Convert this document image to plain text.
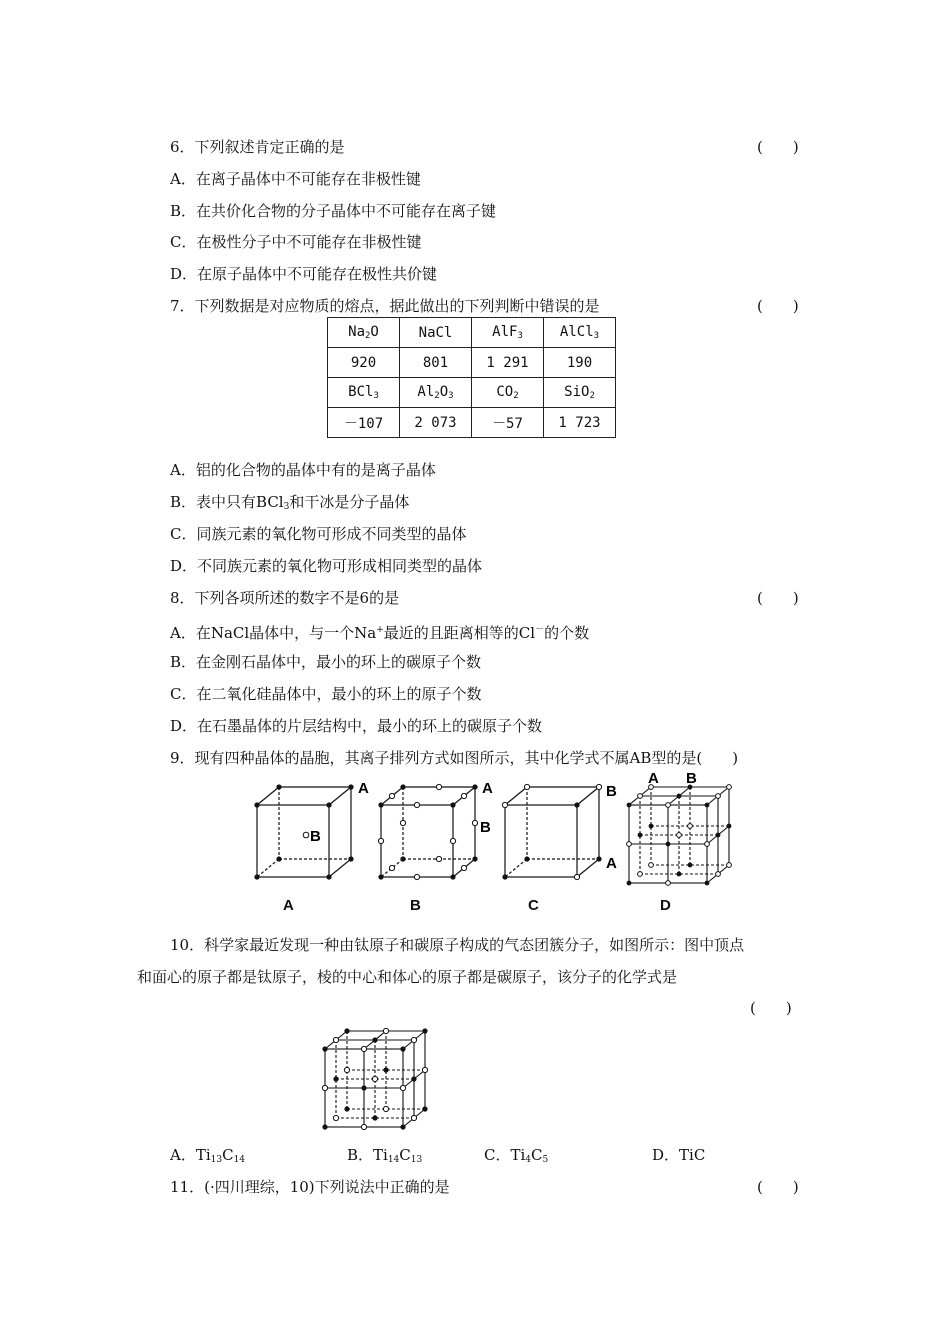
6．下列叙述肯定正确的是	(　　)
A．在离子晶体中不可能存在非极性键
B．在共价化合物的分子晶体中不可能存在离子键
C．在极性分子中不可能存在非极性键
D．在原子晶体中不可能存在极性共价键
7．下列数据是对应物质的熔点，据此做出的下列判断中错误的是	(　　)
$Na_2O$	NaCl	AlF$_3$	AlCl$_3$
920	801	1 291	190
BCl$_3$	$Al_2O_3$	$CO_2$	SiO$_2$
－107	2 073	－57	1 723
A．铝的化合物的晶体中有的是离子晶体
B．表中只有BCl$_3$和干冰是分子晶体
C．同族元素的氧化物可形成不同类型的晶体
D．不同族元素的氧化物可形成相同类型的晶体
8．下列各项所述的数字不是6的是	(　　)
A．在NaCl晶体中，与一个Na+最近的且距离相等的Cl－的个数
B．在金刚石晶体中，最小的环上的碳原子个数
C．在二氧化硅晶体中，最小的环上的原子个数
D．在石墨晶体的片层结构中，最小的环上的碳原子个数
9．现有四种晶体的晶胞，其离子排列方式如图所示，其中化学式不属AB型的是(　　)
A
B
A
B
B
A
A B
A	B	C	D
10．科学家最近发现一种由钛原子和碳原子构成的气态团簇分子，如图所示：图中顶点
和面心的原子都是钛原子，棱的中心和体心的原子都是碳原子，该分子的化学式是
(　　)
A．$Ti_{13}C_{14}$	B．$Ti_{14}C_{13}$	C．$Ti_4C_5$	D．TiC
11．(·四川理综，10)下列说法中正确的是	(　　)
